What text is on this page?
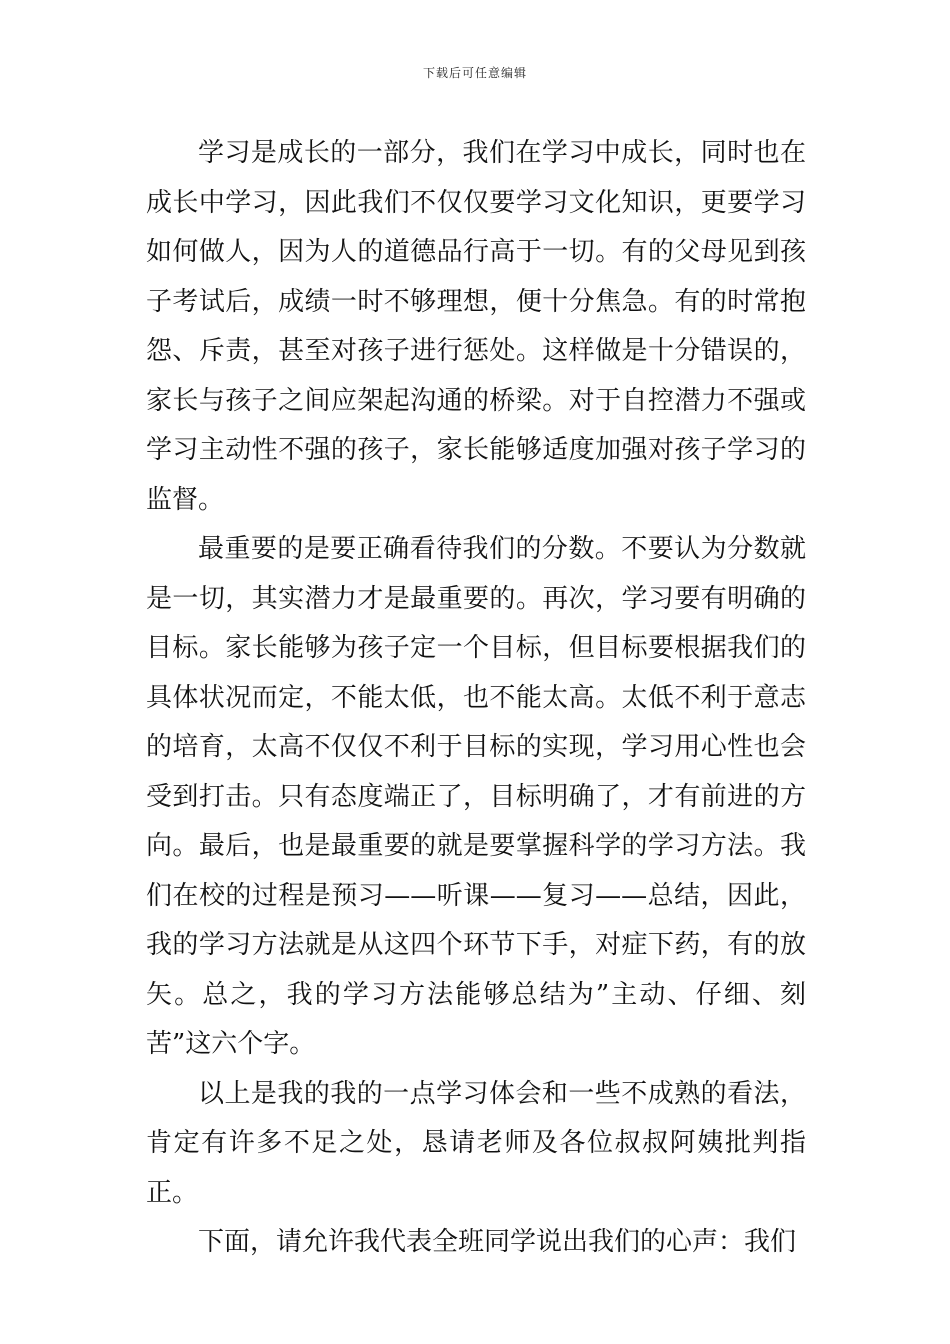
下载后可任意编辑

学习是成长的一部分，我们在学习中成长，同时也在成长中学习，因此我们不仅仅要学习文化知识，更要学习如何做人，因为人的道德品行高于一切。有的父母见到孩子考试后，成绩一时不够理想，便十分焦急。有的时常抱怨、斥责，甚至对孩子进行惩处。这样做是十分错误的，家长与孩子之间应架起沟通的桥梁。对于自控潜力不强或学习主动性不强的孩子，家长能够适度加强对孩子学习的监督。

最重要的是要正确看待我们的分数。不要认为分数就是一切，其实潜力才是最重要的。再次，学习要有明确的目标。家长能够为孩子定一个目标，但目标要根据我们的具体状况而定，不能太低，也不能太高。太低不利于意志的培育，太高不仅仅不利于目标的实现，学习用心性也会受到打击。只有态度端正了，目标明确了，才有前进的方向。最后，也是最重要的就是要掌握科学的学习方法。我们在校的过程是预习——听课——复习——总结，因此，我的学习方法就是从这四个环节下手，对症下药，有的放矢。总之，我的学习方法能够总结为”主动、仔细、刻苦”这六个字。

以上是我的我的一点学习体会和一些不成熟的看法，肯定有许多不足之处，恳请老师及各位叔叔阿姨批判指正。

下面，请允许我代表全班同学说出我们的心声：我们
